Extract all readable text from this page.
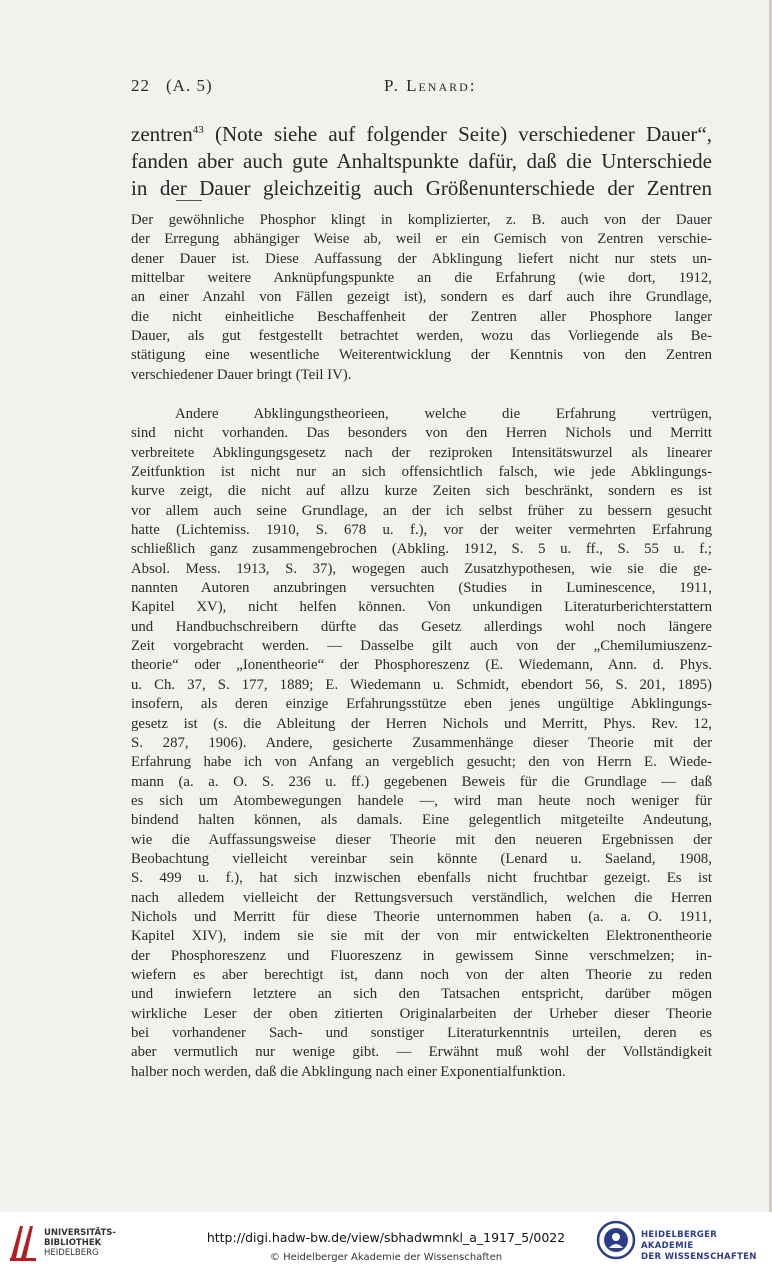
22 (A. 5)	P. Lenard:
zentren$^{43}$ (Note siehe auf folgender Seite) verschiedener Dauer“,
fanden aber auch gute Anhaltspunkte dafür, daß die Unterschiede
in der Dauer gleichzeitig auch Größenunterschiede der Zentren
Der gewöhnliche Phosphor klingt in komplizierter, z. B. auch von der Dauer
der Erregung abhängiger Weise ab, weil er ein Gemisch von Zentren verschie-
dener Dauer ist. Diese Auffassung der Abklingung liefert nicht nur stets un-
mittelbar weitere Anknüpfungspunkte an die Erfahrung (wie dort, 1912,
an einer Anzahl von Fällen gezeigt ist), sondern es darf auch ihre Grundlage,
die nicht einheitliche Beschaffenheit der Zentren aller Phosphore langer
Dauer, als gut festgestellt betrachtet werden, wozu das Vorliegende als Be-
stätigung eine wesentliche Weiterentwicklung der Kenntnis von den Zentren
verschiedener Dauer bringt (Teil IV).
Andere Abklingungstheorieen, welche die Erfahrung vertrügen,
sind nicht vorhanden. Das besonders von den Herren Nichols und Merritt
verbreitete Abklingungsgesetz nach der reziproken Intensitätswurzel als linearer
Zeitfunktion ist nicht nur an sich offensichtlich falsch, wie jede Abklingungs-
kurve zeigt, die nicht auf allzu kurze Zeiten sich beschränkt, sondern es ist
vor allem auch seine Grundlage, an der ich selbst früher zu bessern gesucht
hatte (Lichtemiss. 1910, S. 678 u. f.), vor der weiter vermehrten Erfahrung
schließlich ganz zusammengebrochen (Abkling. 1912, S. 5 u. ff., S. 55 u. f.;
Absol. Mess. 1913, S. 37), wogegen auch Zusatzhypothesen, wie sie die ge-
nannten Autoren anzubringen versuchten (Studies in Luminescence, 1911,
Kapitel XV), nicht helfen können. Von unkundigen Literaturberichterstattern
und Handbuchschreibern dürfte das Gesetz allerdings wohl noch längere
Zeit vorgebracht werden. — Dasselbe gilt auch von der „Chemilumiuszenz-
theorie“ oder „Ionentheorie“ der Phosphoreszenz (E. Wiedemann, Ann. d. Phys.
u. Ch. 37, S. 177, 1889; E. Wiedemann u. Schmidt, ebendort 56, S. 201, 1895)
insofern, als deren einzige Erfahrungsstütze eben jenes ungültige Abklingungs-
gesetz ist (s. die Ableitung der Herren Nichols und Merritt, Phys. Rev. 12,
S. 287, 1906). Andere, gesicherte Zusammenhänge dieser Theorie mit der
Erfahrung habe ich von Anfang an vergeblich gesucht; den von Herrn E. Wiede-
mann (a. a. O. S. 236 u. ff.) gegebenen Beweis für die Grundlage — daß
es sich um Atombewegungen handele —, wird man heute noch weniger für
bindend halten können, als damals. Eine gelegentlich mitgeteilte Andeutung,
wie die Auffassungsweise dieser Theorie mit den neueren Ergebnissen der
Beobachtung vielleicht vereinbar sein könnte (Lenard u. Saeland, 1908,
S. 499 u. f.), hat sich inzwischen ebenfalls nicht fruchtbar gezeigt. Es ist
nach alledem vielleicht der Rettungsversuch verständlich, welchen die Herren
Nichols und Merritt für diese Theorie unternommen haben (a. a. O. 1911,
Kapitel XIV), indem sie sie mit der von mir entwickelten Elektronentheorie
der Phosphoreszenz und Fluoreszenz in gewissem Sinne verschmelzen; in-
wiefern es aber berechtigt ist, dann noch von der alten Theorie zu reden
und inwiefern letztere an sich den Tatsachen entspricht, darüber mögen
wirkliche Leser der oben zitierten Originalarbeiten der Urheber dieser Theorie
bei vorhandener Sach- und sonstiger Literaturkenntnis urteilen, deren es
aber vermutlich nur wenige gibt. — Erwähnt muß wohl der Vollständigkeit
halber noch werden, daß die Abklingung nach einer Exponentialfunktion.
UNIVERSITÄTS-
BIBLIOTHEK
HEIDELBERG
http://digi.hadw-bw.de/view/sbhadwmnkl_a_1917_5/0022
© Heidelberger Akademie der Wissenschaften
HEIDELBERGER AKADEMIE
DER WISSENSCHAFTEN
